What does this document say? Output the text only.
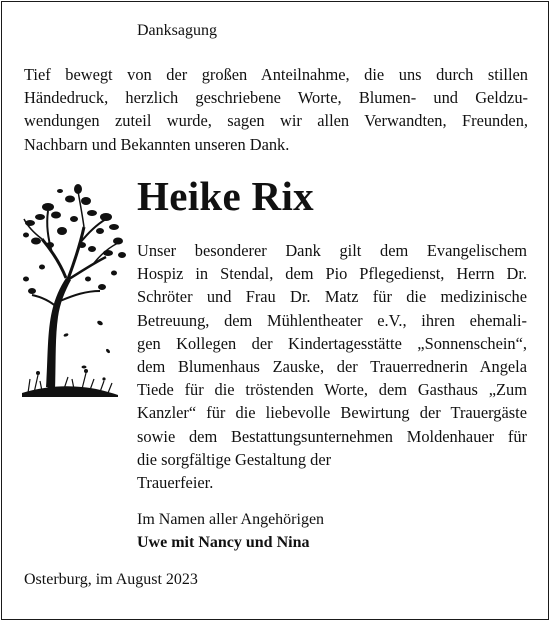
Danksagung

Tief bewegt von der großen Anteilnahme, die uns durch stillen
Händedruck, herzlich geschriebene Worte, Blumen- und Geldzu-
wendungen zuteil wurde, sagen wir allen Verwandten, Freunden,
Nachbarn und Bekannten unseren Dank.

Heike Rix

Unser besonderer Dank gilt dem Evangelischem
Hospiz in Stendal, dem Pio Pflegedienst, Herrn Dr.
Schröter und Frau Dr. Matz für die medizinische
Betreuung, dem Mühlentheater e.V., ihren ehemali-
gen Kollegen der Kindertagesstätte „Sonnenschein“,
dem Blumenhaus Zauske, der Trauerrednerin Angela
Tiede für die tröstenden Worte, dem Gasthaus „Zum
Kanzler“ für die liebevolle Bewirtung der Trauergäste
sowie dem Bestattungsunternehmen Moldenhauer für
die sorgfältige Gestaltung der
Trauerfeier.

Im Namen aller Angehörigen
Uwe mit Nancy und Nina
Osterburg, im August 2023
